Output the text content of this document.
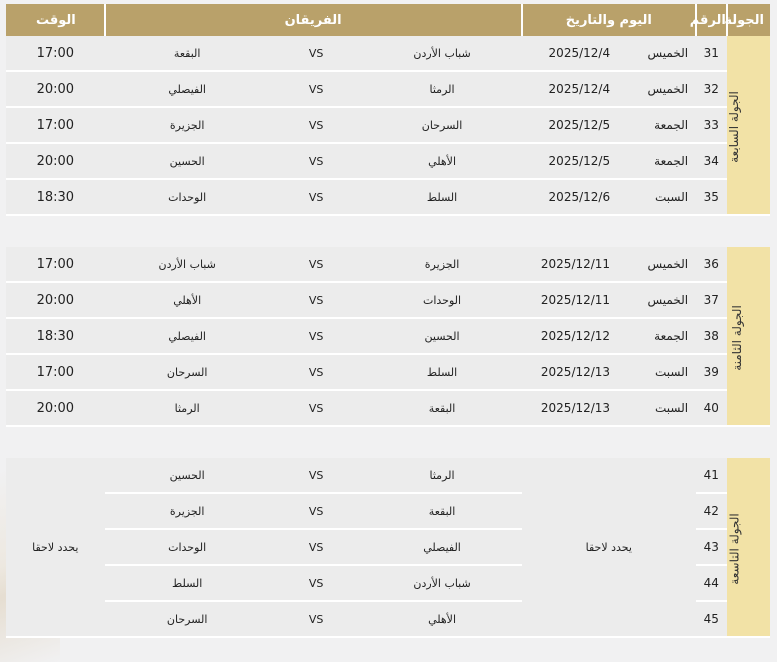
الجولة	الرقم	اليوم والتاريخ	الفريقان			الوقت
الجولة السابعة	31	الخميس2025/12/4	شباب الأردن	VS	البقعة	17:00
	32	الخميس2025/12/4	الرمثا	VS	الفيصلي	20:00
	33	الجمعة2025/12/5	السرحان	VS	الجزيرة	17:00
	34	الجمعة2025/12/5	الأهلي	VS	الحسين	20:00
	35	السبت2025/12/6	السلط	VS	الوحدات	18:30

الجولة الثامنة	36	الخميس2025/12/11	الجزيرة	VS	شباب الأردن	17:00
	37	الخميس2025/12/11	الوحدات	VS	الأهلي	20:00
	38	الجمعة2025/12/12	الحسين	VS	الفيصلي	18:30
	39	السبت2025/12/13	السلط	VS	السرحان	17:00
	40	السبت2025/12/13	البقعة	VS	الرمثا	20:00

الجولة التاسعة	41	يحدد لاحقا	الرمثا	VS	الحسين	يحدد لاحقا
	42		البقعة	VS	الجزيرة	
	43		الفيصلي	VS	الوحدات	
	44		شباب الأردن	VS	السلط	
	45		الأهلي	VS	السرحان	
